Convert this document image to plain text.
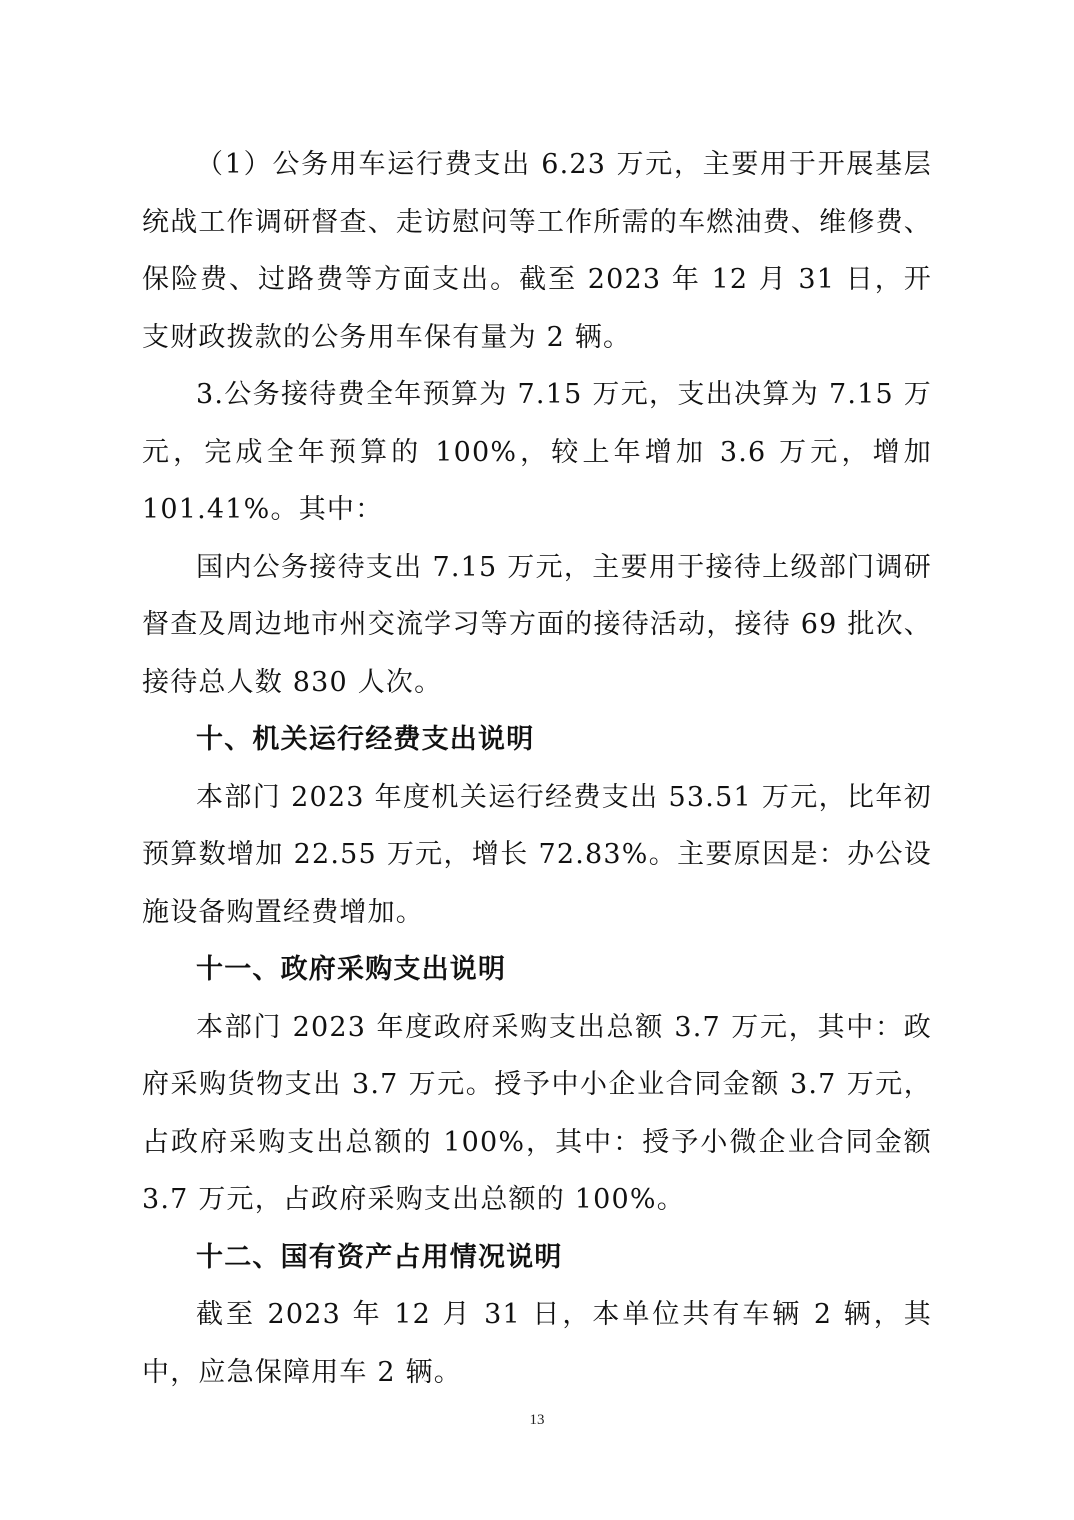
（1）公务用车运行费支出 6.23 万元，主要用于开展基层统战工作调研督查、走访慰问等工作所需的车燃油费、维修费、保险费、过路费等方面支出。截至 2023 年 12 月 31 日，开支财政拨款的公务用车保有量为 2 辆。

3.公务接待费全年预算为 7.15 万元，支出决算为 7.15 万元，完成全年预算的 100%，较上年增加 3.6 万元，增加 101.41%。其中：

国内公务接待支出 7.15 万元，主要用于接待上级部门调研督查及周边地市州交流学习等方面的接待活动，接待 69 批次、接待总人数 830 人次。

十、机关运行经费支出说明

本部门 2023 年度机关运行经费支出 53.51 万元，比年初预算数增加 22.55 万元，增长 72.83%。主要原因是：办公设施设备购置经费增加。

十一、政府采购支出说明

本部门 2023 年度政府采购支出总额 3.7 万元，其中：政府采购货物支出 3.7 万元。授予中小企业合同金额 3.7 万元，占政府采购支出总额的 100%，其中：授予小微企业合同金额 3.7 万元，占政府采购支出总额的 100%。

十二、国有资产占用情况说明

截至 2023 年 12 月 31 日，本单位共有车辆 2 辆，其中，应急保障用车 2 辆。

13
